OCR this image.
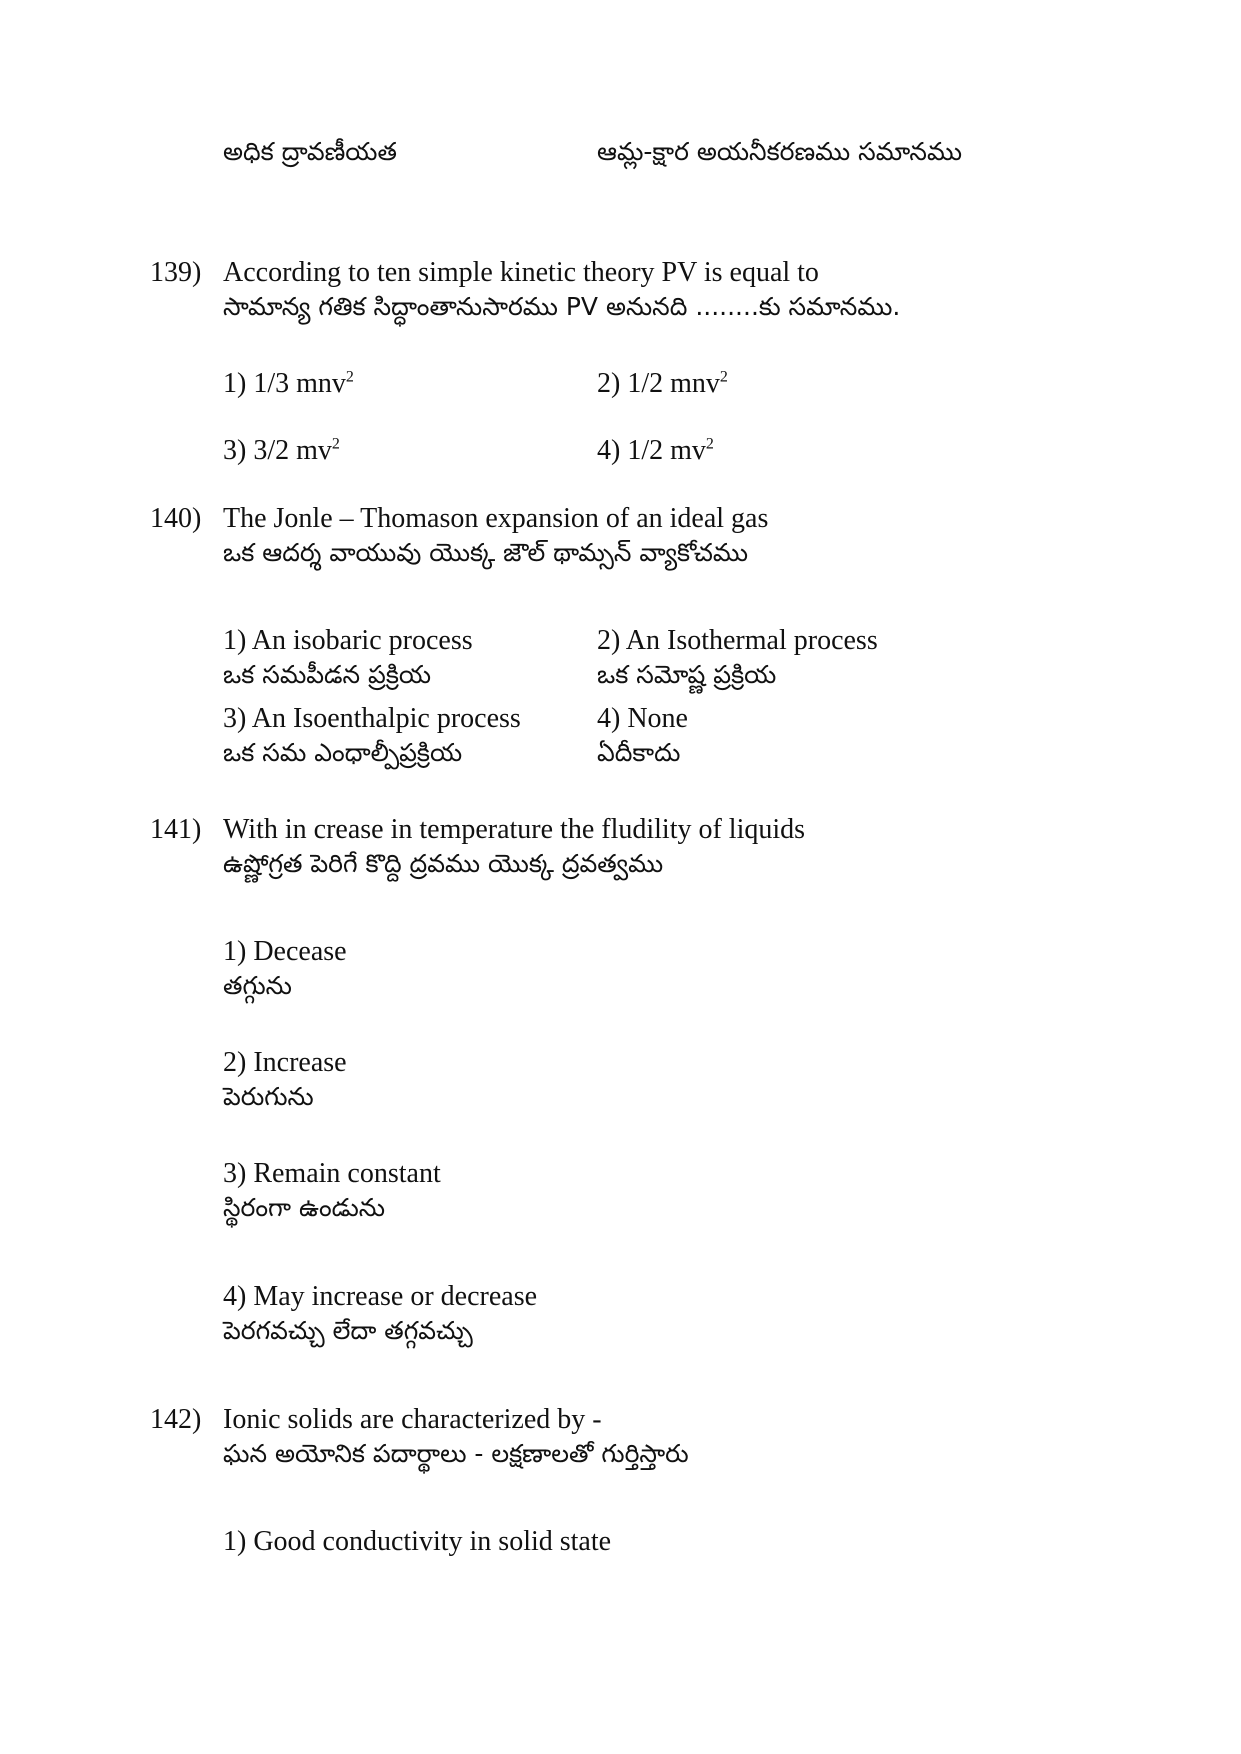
అధిక ద్రావణీయత	ఆమ్ల-క్షార అయనీకరణము సమానము
139) According to ten simple kinetic theory PV is equal to
సామాన్య గతిక సిద్ధాంతానుసారము PV అనునది ........కు సమానము.
1) 1/3 mnv$^2$	2) 1/2 mnv$^2$
3) 3/2 $mv^2$	4) 1/2 $mv^2$
140) The Jonle – Thomason expansion of an ideal gas
ఒక ఆదర్శ వాయువు యొక్క జౌల్ థామ్సన్ వ్యాకోచము
1) An isobaric process
ఒక సమపీడన ప్రక్రియ
2) An Isothermal process
ఒక సమోష్ణ ప్రక్రియ
3) An Isoenthalpic process
ఒక సమ ఎంధాల్పీప్రక్రియ
4) None
ఏదీకాదు
141) With in crease in temperature the fludility of liquids
ఉష్ణోగ్రత పెరిగే కొద్ది ద్రవము యొక్క ద్రవత్వము
1) Decease
తగ్గును
2) Increase
పెరుగును
3) Remain constant
స్థిరంగా ఉండును
4) May increase or decrease
పెరగవచ్చు లేదా తగ్గవచ్చు
142) Ionic solids are characterized by -
ఘన అయోనిక పదార్థాలు - లక్షణాలతో గుర్తిస్తారు
1) Good conductivity in solid state
